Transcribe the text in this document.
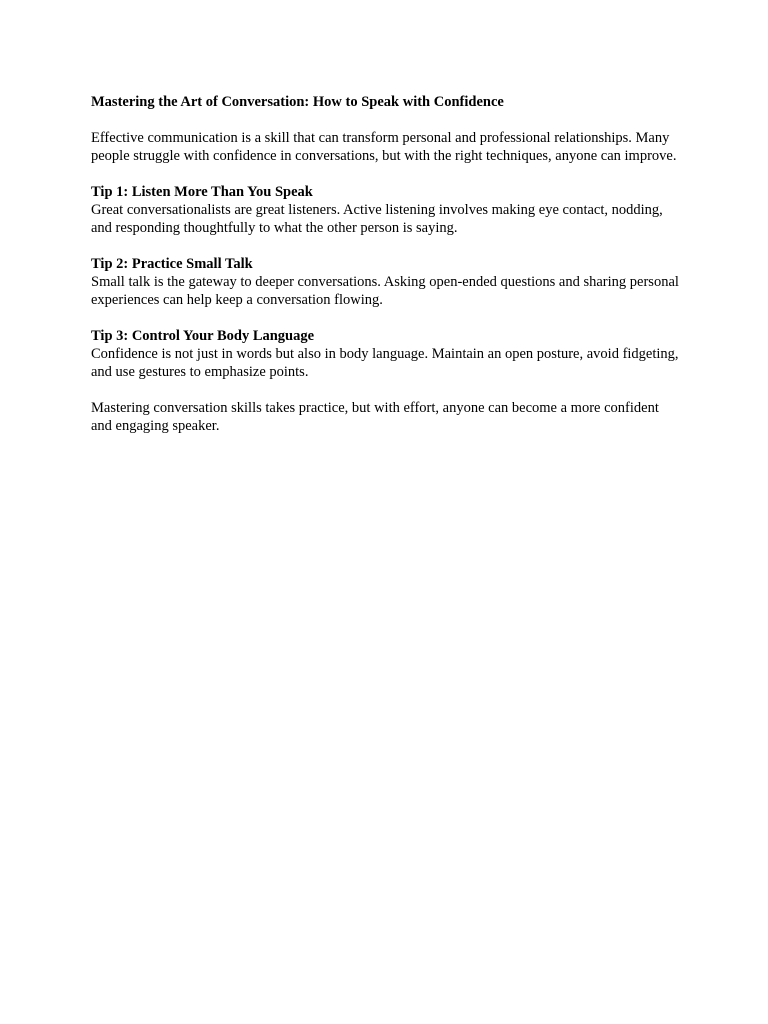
Mastering the Art of Conversation: How to Speak with Confidence

Effective communication is a skill that can transform personal and professional relationships. Many people struggle with confidence in conversations, but with the right techniques, anyone can improve.

Tip 1: Listen More Than You Speak
Great conversationalists are great listeners. Active listening involves making eye contact, nodding, and responding thoughtfully to what the other person is saying.
Tip 2: Practice Small Talk
Small talk is the gateway to deeper conversations. Asking open-ended questions and sharing personal experiences can help keep a conversation flowing.
Tip 3: Control Your Body Language
Confidence is not just in words but also in body language. Maintain an open posture, avoid fidgeting, and use gestures to emphasize points.

Mastering conversation skills takes practice, but with effort, anyone can become a more confident and engaging speaker.
